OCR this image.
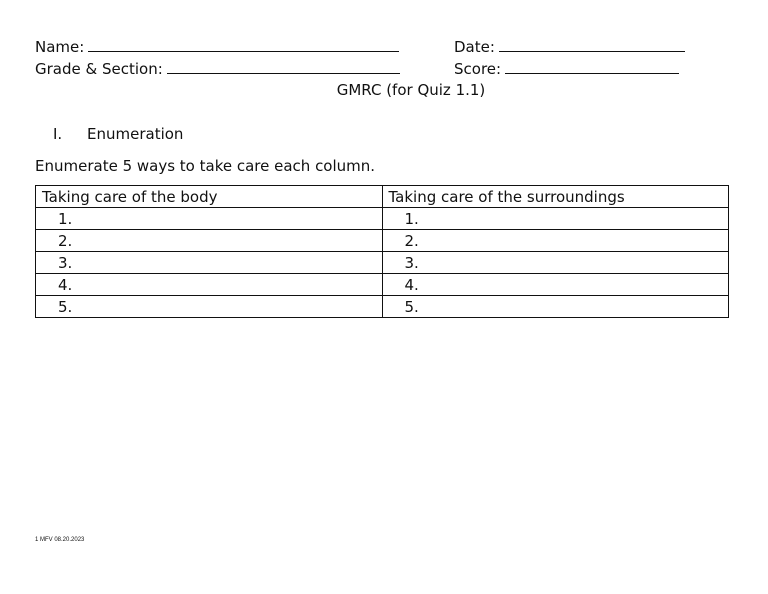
Name:
Grade & Section:
Date:
Score:
GMRC (for Quiz 1.1)
I. Enumeration
Enumerate 5 ways to take care each column.
Taking care of the body	Taking care of the surroundings
1.	1.
2.	2.
3.	3.
4.	4.
5.	5.
1 MFV 08.20.2023
